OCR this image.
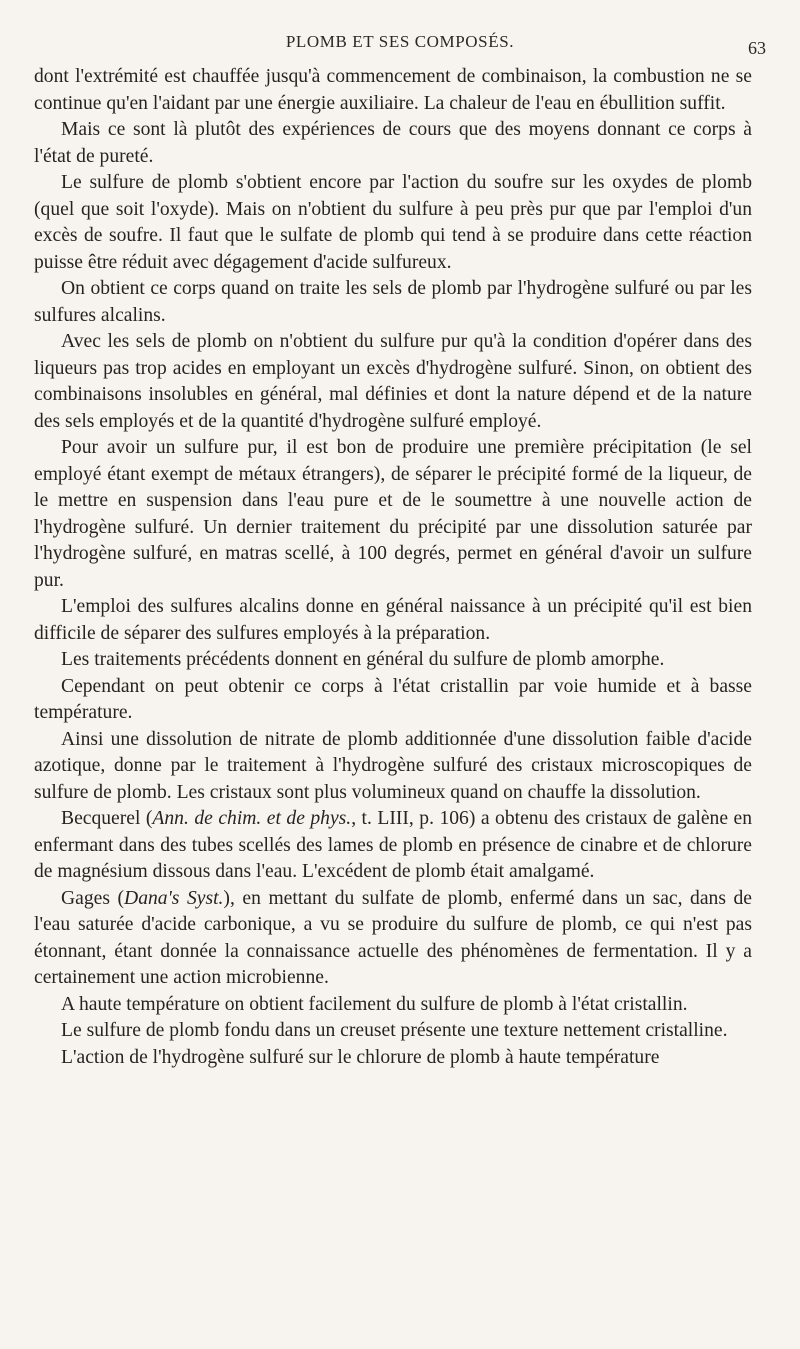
PLOMB ET SES COMPOSÉS.	63

dont l'extrémité est chauffée jusqu'à commencement de combinaison, la combustion ne se continue qu'en l'aidant par une énergie auxiliaire. La chaleur de l'eau en ébullition suffit.

Mais ce sont là plutôt des expériences de cours que des moyens donnant ce corps à l'état de pureté.

Le sulfure de plomb s'obtient encore par l'action du soufre sur les oxydes de plomb (quel que soit l'oxyde). Mais on n'obtient du sulfure à peu près pur que par l'emploi d'un excès de soufre. Il faut que le sulfate de plomb qui tend à se produire dans cette réaction puisse être réduit avec dégagement d'acide sulfureux.

On obtient ce corps quand on traite les sels de plomb par l'hydrogène sulfuré ou par les sulfures alcalins.

Avec les sels de plomb on n'obtient du sulfure pur qu'à la condition d'opérer dans des liqueurs pas trop acides en employant un excès d'hydrogène sulfuré. Sinon, on obtient des combinaisons insolubles en général, mal définies et dont la nature dépend et de la nature des sels employés et de la quantité d'hydrogène sulfuré employé.

Pour avoir un sulfure pur, il est bon de produire une première précipitation (le sel employé étant exempt de métaux étrangers), de séparer le précipité formé de la liqueur, de le mettre en suspension dans l'eau pure et de le soumettre à une nouvelle action de l'hydrogène sulfuré. Un dernier traitement du précipité par une dissolution saturée par l'hydrogène sulfuré, en matras scellé, à 100 degrés, permet en général d'avoir un sulfure pur.

L'emploi des sulfures alcalins donne en général naissance à un précipité qu'il est bien difficile de séparer des sulfures employés à la préparation.

Les traitements précédents donnent en général du sulfure de plomb amorphe.

Cependant on peut obtenir ce corps à l'état cristallin par voie humide et à basse température.

Ainsi une dissolution de nitrate de plomb additionnée d'une dissolution faible d'acide azotique, donne par le traitement à l'hydrogène sulfuré des cristaux microscopiques de sulfure de plomb. Les cristaux sont plus volumineux quand on chauffe la dissolution.

Becquerel (Ann. de chim. et de phys., t. LIII, p. 106) a obtenu des cristaux de galène en enfermant dans des tubes scellés des lames de plomb en présence de cinabre et de chlorure de magnésium dissous dans l'eau. L'excédent de plomb était amalgamé.

Gages (Dana's Syst.), en mettant du sulfate de plomb, enfermé dans un sac, dans de l'eau saturée d'acide carbonique, a vu se produire du sulfure de plomb, ce qui n'est pas étonnant, étant donnée la connaissance actuelle des phénomènes de fermentation. Il y a certainement une action microbienne.

A haute température on obtient facilement du sulfure de plomb à l'état cristallin.

Le sulfure de plomb fondu dans un creuset présente une texture nettement cristalline.

L'action de l'hydrogène sulfuré sur le chlorure de plomb à haute température
